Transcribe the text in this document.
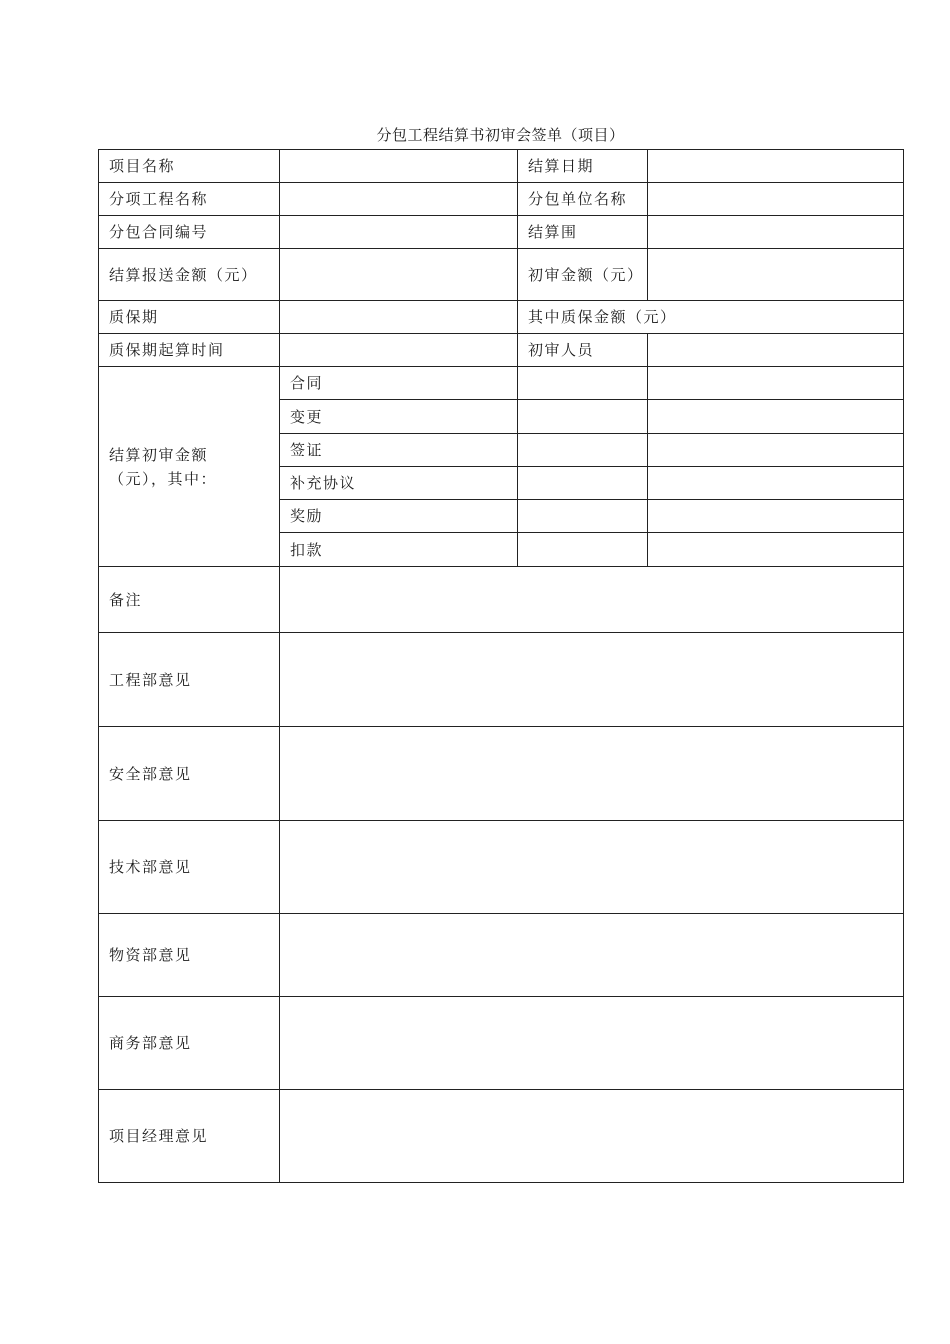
分包工程结算书初审会签单（项目）
项目名称		结算日期	
分项工程名称		分包单位名称	
分包合同编号		结算围	
结算报送金额（元）		初审金额（元）	
质保期		其中质保金额（元）	
质保期起算时间		初审人员	
结算初审金额（元），其中：	合同		
	变更		
	签证		
	补充协议		
	奖励		
	扣款		
备注			
工程部意见			
安全部意见			
技术部意见			
物资部意见			
商务部意见			
项目经理意见			
